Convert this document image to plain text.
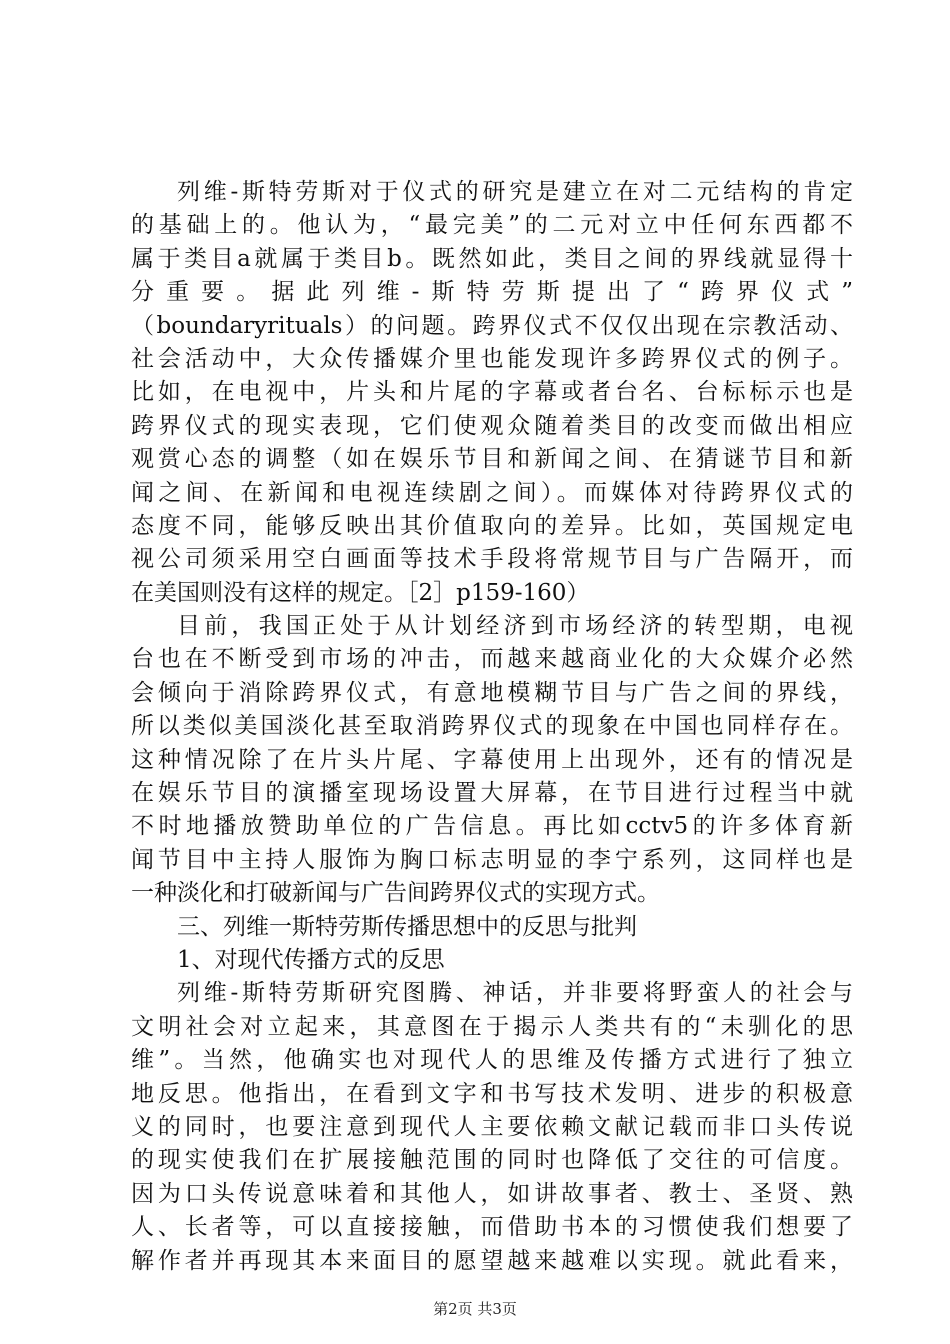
列维-斯特劳斯对于仪式的研究是建立在对二元结构的肯定
的基础上的。他认为，“最完美”的二元对立中任何东西都不
属于类目a就属于类目b。既然如此，类目之间的界线就显得十
分重要。据此列维-斯特劳斯提出了“跨界仪式”
（boundaryrituals）的问题。跨界仪式不仅仅出现在宗教活动、
社会活动中，大众传播媒介里也能发现许多跨界仪式的例子。
比如，在电视中，片头和片尾的字幕或者台名、台标标示也是
跨界仪式的现实表现，它们使观众随着类目的改变而做出相应
观赏心态的调整（如在娱乐节目和新闻之间、在猜谜节目和新
闻之间、在新闻和电视连续剧之间）。而媒体对待跨界仪式的
态度不同，能够反映出其价值取向的差异。比如，英国规定电
视公司须采用空白画面等技术手段将常规节目与广告隔开，而
在美国则没有这样的规定。［2］p159-160）
目前，我国正处于从计划经济到市场经济的转型期，电视
台也在不断受到市场的冲击，而越来越商业化的大众媒介必然
会倾向于消除跨界仪式，有意地模糊节目与广告之间的界线，
所以类似美国淡化甚至取消跨界仪式的现象在中国也同样存在。
这种情况除了在片头片尾、字幕使用上出现外，还有的情况是
在娱乐节目的演播室现场设置大屏幕，在节目进行过程当中就
不时地播放赞助单位的广告信息。再比如cctv5的许多体育新
闻节目中主持人服饰为胸口标志明显的李宁系列，这同样也是
一种淡化和打破新闻与广告间跨界仪式的实现方式。
三、列维一斯特劳斯传播思想中的反思与批判
1、对现代传播方式的反思
列维-斯特劳斯研究图腾、神话，并非要将野蛮人的社会与
文明社会对立起来，其意图在于揭示人类共有的“未驯化的思
维”。当然，他确实也对现代人的思维及传播方式进行了独立
地反思。他指出，在看到文字和书写技术发明、进步的积极意
义的同时，也要注意到现代人主要依赖文献记载而非口头传说
的现实使我们在扩展接触范围的同时也降低了交往的可信度。
因为口头传说意味着和其他人，如讲故事者、教士、圣贤、熟
人、长者等，可以直接接触，而借助书本的习惯使我们想要了
解作者并再现其本来面目的愿望越来越难以实现。就此看来，
第2页 共3页
